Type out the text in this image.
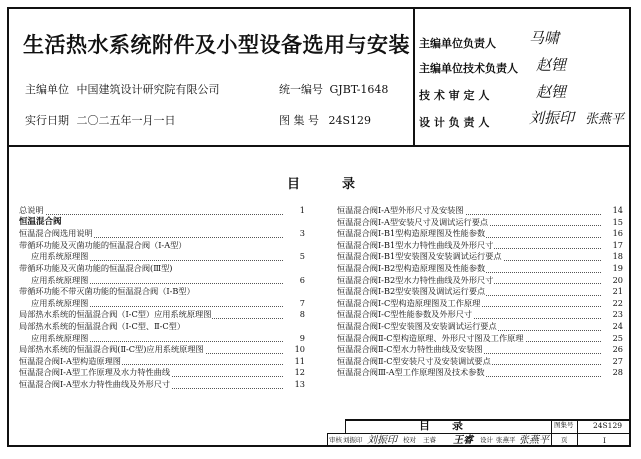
生活热水系统附件及小型设备选用与安装
主编单位 中国建筑设计研究院有限公司	统一编号 GJBT-1648
实行日期 二〇二五年一月一日	图 集 号 24S129
主编单位负责人	马啸
主编单位技术负责人	赵锂
技 术 审 定 人	赵锂
设 计 负 责 人	刘振印 张燕平
目	录
总说明	1
恒温混合阀
恒温混合阀选用说明	3
带循环功能及灭菌功能的恒温混合阀（Ⅰ-A型）
应用系统原理图	5
带循环功能及灭菌功能的恒温混合阀(Ⅲ型)
应用系统原理图	6
带循环功能不带灭菌功能的恒温混合阀（Ⅰ-B型）
应用系统原理图	7
局部热水系统的恒温混合阀（Ⅰ-C型）应用系统原理图	8
局部热水系统的恒温混合阀（Ⅰ-C型、Ⅱ-C型）
应用系统原理图	9
局部热水系统的恒温混合阀(Ⅱ-C型)应用系统原理图	10
恒温混合阀Ⅰ-A型构造原理图	11
恒温混合阀Ⅰ-A型工作原理及水力特性曲线	12
恒温混合阀Ⅰ-A型水力特性曲线及外形尺寸	13
恒温混合阀Ⅰ-A型外形尺寸及安装图	14
恒温混合阀Ⅰ-A型安装尺寸及调试运行要点	15
恒温混合阀Ⅰ-B1型构造原理图及性能参数	16
恒温混合阀Ⅰ-B1型水力特性曲线及外形尺寸	17
恒温混合阀Ⅰ-B1型安装图及安装调试运行要点	18
恒温混合阀Ⅰ-B2型构造原理图及性能参数	19
恒温混合阀Ⅰ-B2型水力特性曲线及外形尺寸	20
恒温混合阀Ⅰ-B2型安装图及调试运行要点	21
恒温混合阀Ⅰ-C型构造原理图及工作原理	22
恒温混合阀Ⅰ-C型性能参数及外形尺寸	23
恒温混合阀Ⅰ-C型安装图及安装调试运行要点	24
恒温混合阀Ⅱ-C型构造原理、外形尺寸图及工作原理	25
恒温混合阀Ⅱ-C型水力特性曲线及安装图	26
恒温混合阀Ⅱ-C型安装尺寸及安装调试要点	27
恒温混合阀Ⅲ-A型工作原理图及技术参数	28
目　　录	图集号	24S129
审核 刘振印 刘振印 校对 王睿 王睿 设计 张燕平 张燕平 页	I
